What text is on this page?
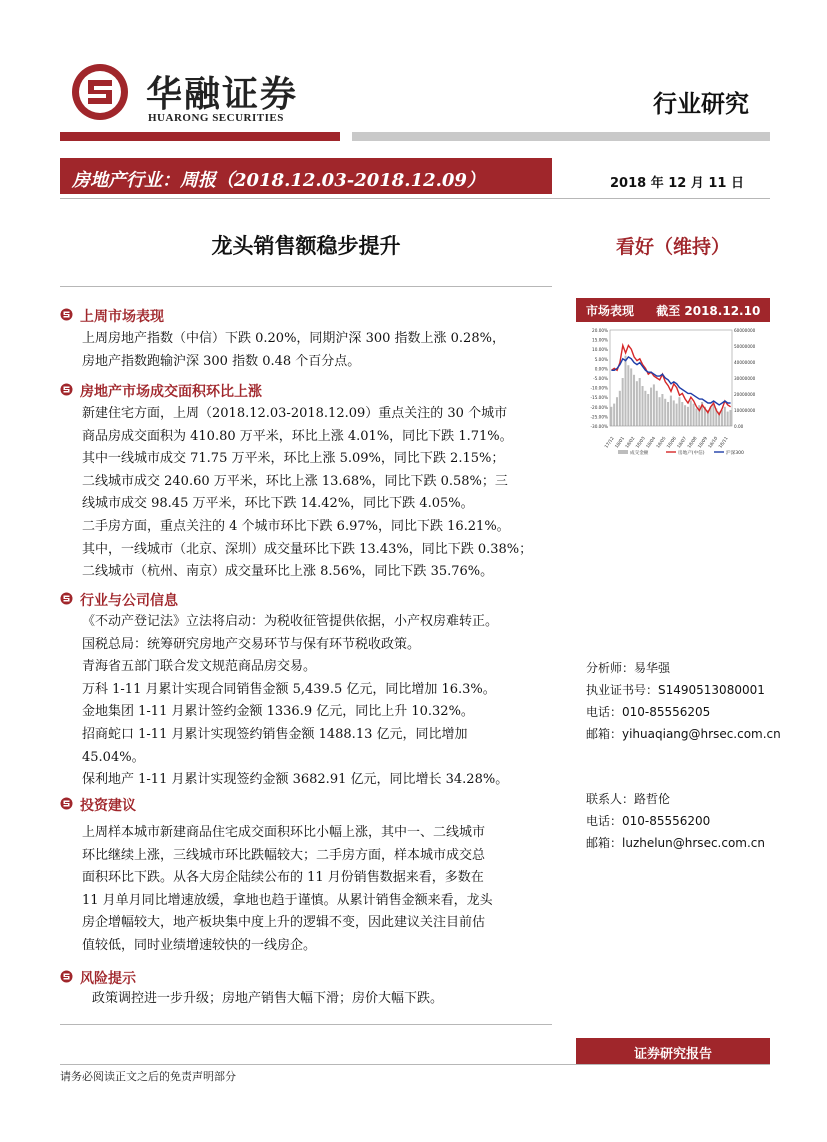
华融证券
HUARONG SECURITIES	行业研究
房地产行业：周报（2018.12.03-2018.12.09）	2018 年 12 月 11 日
龙头销售额稳步提升	看好（维持）
上周市场表现
上周房地产指数（中信）下跌 0.20%，同期沪深 300 指数上涨 0.28%，
房地产指数跑输沪深 300 指数 0.48 个百分点。
房地产市场成交面积环比上涨
新建住宅方面，上周（2018.12.03-2018.12.09）重点关注的 30 个城市
商品房成交面积为 410.80 万平米，环比上涨 4.01%，同比下跌 1.71%。
其中一线城市成交 71.75 万平米，环比上涨 5.09%，同比下跌 2.15%；
二线城市成交 240.60 万平米，环比上涨 13.68%，同比下跌 0.58%；三
线城市成交 98.45 万平米，环比下跌 14.42%，同比下跌 4.05%。
二手房方面，重点关注的 4 个城市环比下跌 6.97%，同比下跌 16.21%。
其中，一线城市（北京、深圳）成交量环比下跌 13.43%，同比下跌 0.38%；
二线城市（杭州、南京）成交量环比上涨 8.56%，同比下跌 35.76%。
行业与公司信息
《不动产登记法》立法将启动：为税收征管提供依据，小产权房难转正。
国税总局：统筹研究房地产交易环节与保有环节税收政策。
青海省五部门联合发文规范商品房交易。
万科 1-11 月累计实现合同销售金额 5,439.5 亿元，同比增加 16.3%。
金地集团 1-11 月累计签约金额 1336.9 亿元，同比上升 10.32%。
招商蛇口 1-11 月累计实现签约销售金额 1488.13 亿元，同比增加
45.04%。
保利地产 1-11 月累计实现签约金额 3682.91 亿元，同比增长 34.28%。
投资建议
上周样本城市新建商品住宅成交面积环比小幅上涨，其中一、二线城市
环比继续上涨，三线城市环比跌幅较大；二手房方面，样本城市成交总
面积环比下跌。从各大房企陆续公布的 11 月份销售数据来看，多数在
11 月单月同比增速放缓，拿地也趋于谨慎。从累计销售金额来看，龙头
房企增幅较大，地产板块集中度上升的逻辑不变，因此建议关注目前估
值较低，同时业绩增速较快的一线房企。
风险提示
政策调控进一步升级；房地产销售大幅下滑；房价大幅下跌。
市场表现 截至 2018.12.10
20.00%
15.00%
10.00%
5.00%
0.00%
-5.00%
-10.00%
-15.00%
-20.00%
-25.00%
-30.00%
60000000
50000000
40000000
30000000
20000000
10000000
0.00
17/12 18/01 18/02 18/03 18/04 18/05 18/06 18/07 18/08 18/09 18/10 18/11
成交金额	房地产(中信)	沪深300
分析师：易华强
执业证书号：S1490513080001
电话：010-85556205
邮箱：yihuaqiang@hrsec.com.cn
联系人：路哲伦
电话：010-85556200
邮箱：luzhelun@hrsec.com.cn
证券研究报告
请务必阅读正文之后的免责声明部分
